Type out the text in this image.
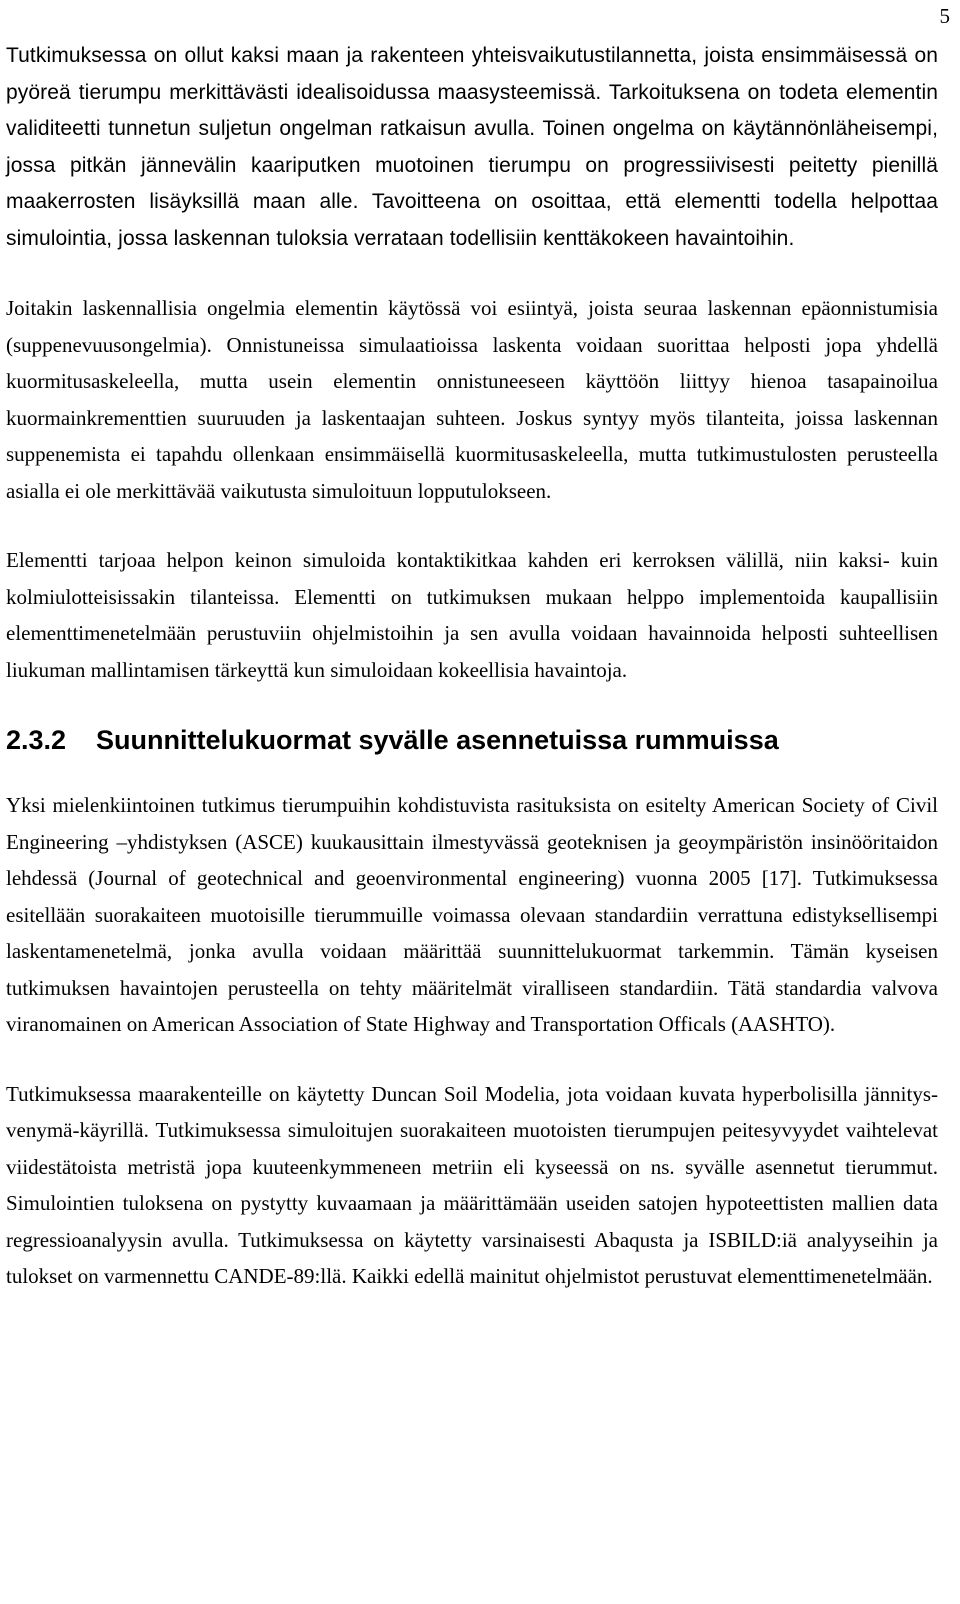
5

Tutkimuksessa on ollut kaksi maan ja rakenteen yhteisvaikutustilannetta, joista ensimmäisessä on pyöreä tierumpu merkittävästi idealisoidussa maasysteemissä. Tarkoituksena on todeta elementin validiteetti tunnetun suljetun ongelman ratkaisun avulla. Toinen ongelma on käytännönläheisempi, jossa pitkän jännevälin kaariputken muotoinen tierumpu on progressiivisesti peitetty pienillä maakerrosten lisäyksillä maan alle. Tavoitteena on osoittaa, että elementti todella helpottaa simulointia, jossa laskennan tuloksia verrataan todellisiin kenttäkokeen havaintoihin.

Joitakin laskennallisia ongelmia elementin käytössä voi esiintyä, joista seuraa laskennan epäonnistumisia (suppenevuusongelmia). Onnistuneissa simulaatioissa laskenta voidaan suorittaa helposti jopa yhdellä kuormitusaskeleella, mutta usein elementin onnistuneeseen käyttöön liittyy hienoa tasapainoilua kuormainkrementtien suuruuden ja laskentaajan suhteen. Joskus syntyy myös tilanteita, joissa laskennan suppenemista ei tapahdu ollenkaan ensimmäisellä kuormitusaskeleella, mutta tutkimustulosten perusteella asialla ei ole merkittävää vaikutusta simuloituun lopputulokseen.

Elementti tarjoaa helpon keinon simuloida kontaktikitkaa kahden eri kerroksen välillä, niin kaksi- kuin kolmiulotteisissakin tilanteissa. Elementti on tutkimuksen mukaan helppo implementoida kaupallisiin elementtimenetelmään perustuviin ohjelmistoihin ja sen avulla voidaan havainnoida helposti suhteellisen liukuman mallintamisen tärkeyttä kun simuloidaan kokeellisia havaintoja.

2.3.2	Suunnittelukuormat syvälle asennetuissa rummuissa

Yksi mielenkiintoinen tutkimus tierumpuihin kohdistuvista rasituksista on esitelty American Society of Civil Engineering –yhdistyksen (ASCE) kuukausittain ilmestyvässä geoteknisen ja geoympäristön insinööritaidon lehdessä (Journal of geotechnical and geoenvironmental engineering) vuonna 2005 [17]. Tutkimuksessa esitellään suorakaiteen muotoisille tierummuille voimassa olevaan standardiin verrattuna edistyksellisempi laskentamenetelmä, jonka avulla voidaan määrittää suunnittelukuormat tarkemmin. Tämän kyseisen tutkimuksen havaintojen perusteella on tehty määritelmät viralliseen standardiin. Tätä standardia valvova viranomainen on American Association of State Highway and Transportation Officals (AASHTO).

Tutkimuksessa maarakenteille on käytetty Duncan Soil Modelia, jota voidaan kuvata hyperbolisilla jännitys-venymä-käyrillä. Tutkimuksessa simuloitujen suorakaiteen muotoisten tierumpujen peitesyvyydet vaihtelevat viidestätoista metristä jopa kuuteenkymmeneen metriin eli kyseessä on ns. syvälle asennetut tierummut. Simulointien tuloksena on pystytty kuvaamaan ja määrittämään useiden satojen hypoteettisten mallien data regressioanalyysin avulla. Tutkimuksessa on käytetty varsinaisesti Abaqusta ja ISBILD:iä analyyseihin ja tulokset on varmennettu CANDE-89:llä. Kaikki edellä mainitut ohjelmistot perustuvat elementtimenetelmään.
